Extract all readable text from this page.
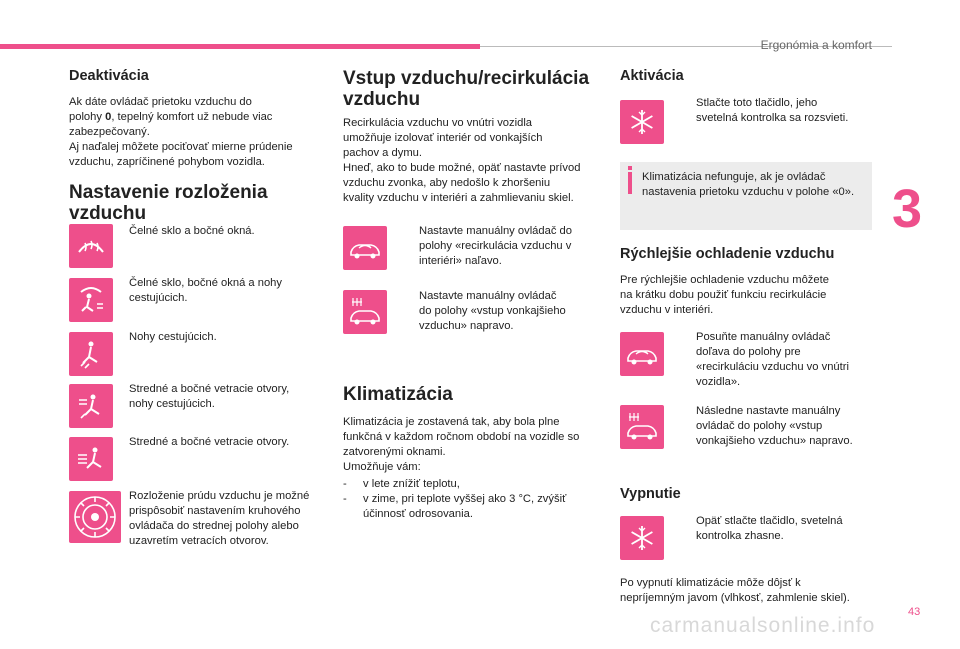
Ergonómia a komfort
3
43
carmanualsonline.info
Deaktivácia

Ak dáte ovládač prietoku vzduchu do

polohy 0, tepelný komfort už nebude viac

zabezpečovaný.

Aj naďalej môžete pociťovať mierne prúdenie

vzduchu, zapríčinené pohybom vozidla.

Nastavenie rozloženia
vzduchu

Čelné sklo a bočné okná.

Čelné sklo, bočné okná a nohy

cestujúcich.

Nohy cestujúcich.

Stredné a bočné vetracie otvory,

nohy cestujúcich.

Stredné a bočné vetracie otvory.

Rozloženie prúdu vzduchu je možné

prispôsobiť nastavením kruhového

ovládača do strednej polohy alebo

uzavretím vetracích otvorov.

Vstup vzduchu/recirkulácia
vzduchu

Recirkulácia vzduchu vo vnútri vozidla

umožňuje izolovať interiér od vonkajších

pachov a dymu.

Hneď, ako to bude možné, opäť nastavte prívod

vzduchu zvonka, aby nedošlo k zhoršeniu

kvality vzduchu v interiéri a zahmlievaniu skiel.

Nastavte manuálny ovládač do

polohy «recirkulácia vzduchu v

interiéri» naľavo.

Nastavte manuálny ovládač

do polohy «vstup vonkajšieho

vzduchu» napravo.

Klimatizácia

Klimatizácia je zostavená tak, aby bola plne

funkčná v každom ročnom období na vozidle so

zatvorenými oknami.

Umožňuje vám:

- v lete znížiť teplotu,

- v zime, pri teplote vyššej ako 3 °C, zvýšiť

účinnosť odrosovania.

Aktivácia

Stlačte toto tlačidlo, jeho

svetelná kontrolka sa rozsvieti.

Klimatizácia nefunguje, ak je ovládač

nastavenia prietoku vzduchu v polohe «0».

Rýchlejšie ochladenie vzduchu

Pre rýchlejšie ochladenie vzduchu môžete

na krátku dobu použiť funkciu recirkulácie

vzduchu v interiéri.

Posuňte manuálny ovládač

doľava do polohy pre

«recirkuláciu vzduchu vo vnútri

vozidla».

Následne nastavte manuálny

ovládač do polohy «vstup

vonkajšieho vzduchu» napravo.

Vypnutie

Opäť stlačte tlačidlo, svetelná

kontrolka zhasne.

Po vypnutí klimatizácie môže dôjsť k

nepríjemným javom (vlhkosť, zahmlenie skiel).
